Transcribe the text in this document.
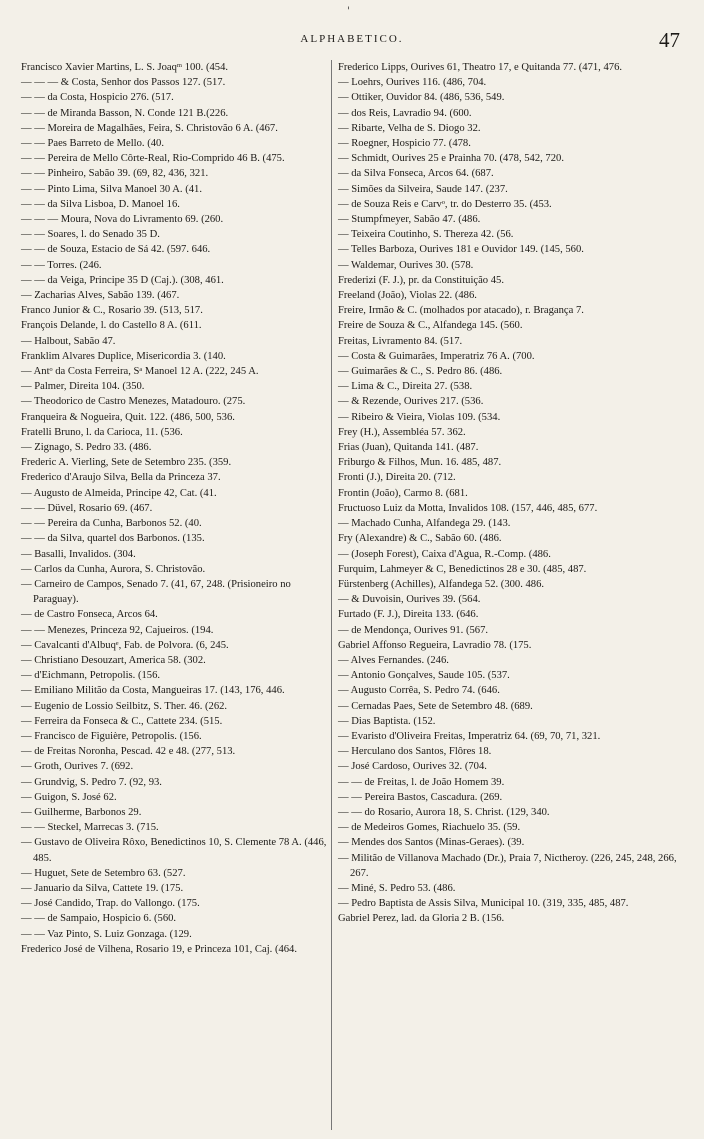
'
ALPHABETICO.	47

Francisco Xavier Martins, L. S. Joaqᵐ 100. (454.

— — — & Costa, Senhor dos Passos 127. (517.

— — da Costa, Hospicio 276. (517.

— — de Miranda Basson, N. Conde 121 B.(226.

— — Moreira de Magalhães, Feira, S. Christovão 6 A. (467.

— — Paes Barreto de Mello. (40.

— — Pereira de Mello Côrte-Real, Rio-Comprido 46 B. (475.

— — Pinheiro, Sabão 39. (69, 82, 436, 321.

— — Pinto Lima, Silva Manoel 30 A. (41.

— — da Silva Lisboa, D. Manoel 16.

— — — Moura, Nova do Livramento 69. (260.

— — Soares, l. do Senado 35 D.

— — de Souza, Estacio de Sá 42. (597. 646.

— — Torres. (246.

— — da Veiga, Principe 35 D (Caj.). (308, 461.

— Zacharias Alves, Sabão 139. (467.

Franco Junior & C., Rosario 39. (513, 517.

François Delande, l. do Castello 8 A. (611.

— Halbout, Sabão 47.

Franklim Alvares Duplice, Misericordia 3. (140.

— Antᵒ da Costa Ferreira, Sᵃ Manoel 12 A. (222, 245 A.

— Palmer, Direita 104. (350.

— Theodorico de Castro Menezes, Matadouro. (275.

Franqueira & Nogueira, Quit. 122. (486, 500, 536.

Fratelli Bruno, l. da Carioca, 11. (536.

— Zignago, S. Pedro 33. (486.

Frederic A. Vierling, Sete de Setembro 235. (359.

Frederico d'Araujo Silva, Bella da Princeza 37.

— Augusto de Almeida, Principe 42, Cat. (41.

— — Düvel, Rosario 69. (467.

— — Pereira da Cunha, Barbonos 52. (40.

— — da Silva, quartel dos Barbonos. (135.

— Basalli, Invalidos. (304.

— Carlos da Cunha, Aurora, S. Christovão.

— Carneiro de Campos, Senado 7. (41, 67, 248. (Prisioneiro no Paraguay).

— de Castro Fonseca, Arcos 64.

— — Menezes, Princeza 92, Cajueiros. (194.

— Cavalcanti d'Albuqᵉ, Fab. de Polvora. (6, 245.

— Christiano Desouzart, America 58. (302.

— d'Eichmann, Petropolis. (156.

— Emiliano Militão da Costa, Mangueiras 17. (143, 176, 446.

— Eugenio de Lossio Seilbitz, S. Ther. 46. (262.

— Ferreira da Fonseca & C., Cattete 234. (515.

— Francisco de Figuière, Petropolis. (156.

— de Freitas Noronha, Pescad. 42 e 48. (277, 513.

— Groth, Ourives 7. (692.

— Grundvig, S. Pedro 7. (92, 93.

— Guigon, S. José 62.

— Guilherme, Barbonos 29.

— — Steckel, Marrecas 3. (715.

— Gustavo de Oliveira Rôxo, Benedictinos 10, S. Clemente 78 A. (446, 485.

— Huguet, Sete de Setembro 63. (527.

— Januario da Silva, Cattete 19. (175.

— José Candido, Trap. do Vallongo. (175.

— — de Sampaio, Hospicio 6. (560.

— — Vaz Pinto, S. Luiz Gonzaga. (129.

Frederico José de Vilhena, Rosario 19, e Princeza 101, Caj. (464.

Frederico Lipps, Ourives 61, Theatro 17, e Quitanda 77. (471, 476.

— Loehrs, Ourives 116. (486, 704.

— Ottiker, Ouvidor 84. (486, 536, 549.

— dos Reis, Lavradio 94. (600.

— Ribarte, Velha de S. Diogo 32.

— Roegner, Hospicio 77. (478.

— Schmidt, Ourives 25 e Prainha 70. (478, 542, 720.

— da Silva Fonseca, Arcos 64. (687.

— Simões da Silveira, Saude 147. (237.

— de Souza Reis e Carvᵒ, tr. do Desterro 35. (453.

— Stumpfmeyer, Sabão 47. (486.

— Teixeira Coutinho, S. Thereza 42. (56.

— Telles Barboza, Ourives 181 e Ouvidor 149. (145, 560.

— Waldemar, Ourives 30. (578.

Frederizi (F. J.), pr. da Constituição 45.

Freeland (João), Violas 22. (486.

Freire, Irmão & C. (molhados por atacado), r. Bragança 7.

Freire de Souza & C., Alfandega 145. (560.

Freitas, Livramento 84. (517.

— Costa & Guimarães, Imperatriz 76 A. (700.

— Guimarães & C., S. Pedro 86. (486.

— Lima & C., Direita 27. (538.

— & Rezende, Ourives 217. (536.

— Ribeiro & Vieira, Violas 109. (534.

Frey (H.), Assembléa 57. 362.

Frias (Juan), Quitanda 141. (487.

Friburgo & Filhos, Mun. 16. 485, 487.

Fronti (J.), Direita 20. (712.

Frontin (João), Carmo 8. (681.

Fructuoso Luiz da Motta, Invalidos 108. (157, 446, 485, 677.

— Machado Cunha, Alfandega 29. (143.

Fry (Alexandre) & C., Sabão 60. (486.

— (Joseph Forest), Caixa d'Agua, R.-Comp. (486.

Furquim, Lahmeyer & C, Benedictinos 28 e 30. (485, 487.

Fürstenberg (Achilles), Alfandega 52. (300. 486.

— & Duvoisin, Ourives 39. (564.

Furtado (F. J.), Direita 133. (646.

— de Mendonça, Ourives 91. (567.

Gabriel Affonso Regueira, Lavradio 78. (175.

— Alves Fernandes. (246.

— Antonio Gonçalves, Saude 105. (537.

— Augusto Corrêa, S. Pedro 74. (646.

— Cernadas Paes, Sete de Setembro 48. (689.

— Dias Baptista. (152.

— Evaristo d'Oliveira Freitas, Imperatriz 64. (69, 70, 71, 321.

— Herculano dos Santos, Flôres 18.

— José Cardoso, Ourives 32. (704.

— — de Freitas, l. de João Homem 39.

— — Pereira Bastos, Cascadura. (269.

— — do Rosario, Aurora 18, S. Christ. (129, 340.

— de Medeiros Gomes, Riachuelo 35. (59.

— Mendes dos Santos (Minas-Geraes). (39.

— Militão de Villanova Machado (Dr.), Praia 7, Nictheroy. (226, 245, 248, 266, 267.

— Miné, S. Pedro 53. (486.

— Pedro Baptista de Assis Silva, Municipal 10. (319, 335, 485, 487.

Gabriel Perez, lad. da Gloria 2 B. (156.
